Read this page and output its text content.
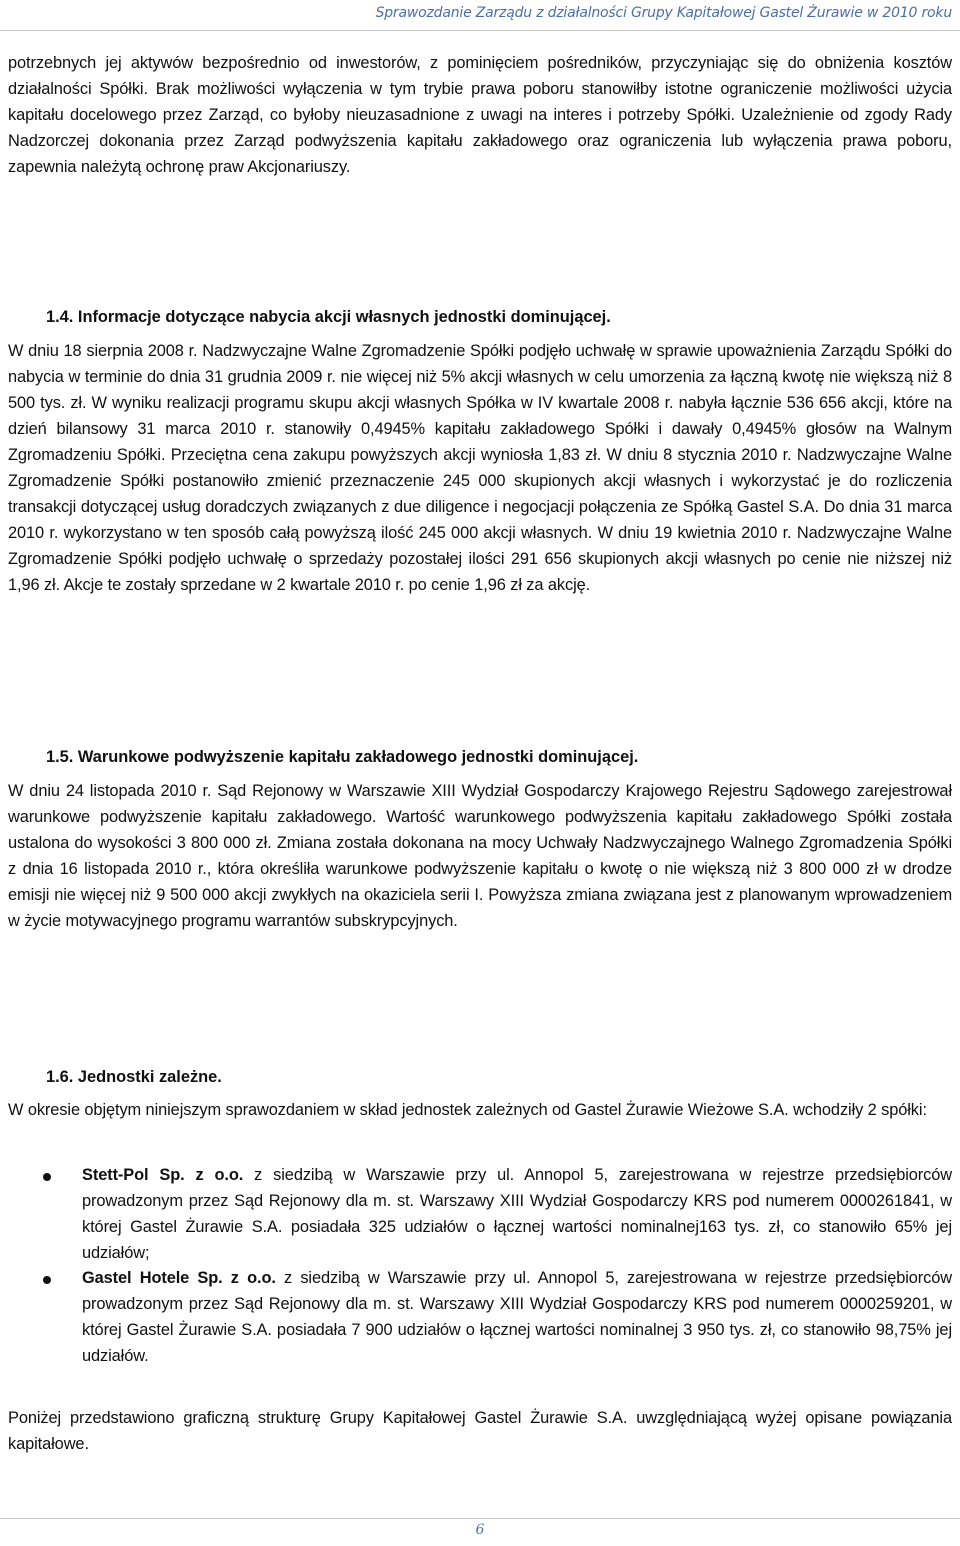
Sprawozdanie Zarządu z działalności Grupy Kapitałowej Gastel Żurawie w 2010 roku

potrzebnych jej aktywów bezpośrednio od inwestorów, z pominięciem pośredników, przyczyniając się do obniżenia kosztów działalności Spółki. Brak możliwości wyłączenia w tym trybie prawa poboru stanowiłby istotne ograniczenie możliwości użycia kapitału docelowego przez Zarząd, co byłoby nieuzasadnione z uwagi na interes i potrzeby Spółki. Uzależnienie od zgody Rady Nadzorczej dokonania przez Zarząd podwyższenia kapitału zakładowego oraz ograniczenia lub wyłączenia prawa poboru, zapewnia należytą ochronę praw Akcjonariuszy.

1.4. Informacje dotyczące nabycia akcji własnych jednostki dominującej.

W dniu 18 sierpnia 2008 r. Nadzwyczajne Walne Zgromadzenie Spółki podjęło uchwałę w sprawie upoważnienia Zarządu Spółki do nabycia w terminie do dnia 31 grudnia 2009 r. nie więcej niż 5% akcji własnych w celu umorzenia za łączną kwotę nie większą niż 8 500 tys. zł. W wyniku realizacji programu skupu akcji własnych Spółka w IV kwartale 2008 r. nabyła łącznie 536 656 akcji, które na dzień bilansowy 31 marca 2010 r. stanowiły 0,4945% kapitału zakładowego Spółki i dawały 0,4945% głosów na Walnym Zgromadzeniu Spółki. Przeciętna cena zakupu powyższych akcji wyniosła 1,83 zł. W dniu 8 stycznia 2010 r. Nadzwyczajne Walne Zgromadzenie Spółki postanowiło zmienić przeznaczenie 245 000 skupionych akcji własnych i wykorzystać je do rozliczenia transakcji dotyczącej usług doradczych związanych z due diligence i negocjacji połączenia ze Spółką Gastel S.A. Do dnia 31 marca 2010 r. wykorzystano w ten sposób całą powyższą ilość 245 000 akcji własnych. W dniu 19 kwietnia 2010 r. Nadzwyczajne Walne Zgromadzenie Spółki podjęło uchwałę o sprzedaży pozostałej ilości 291 656 skupionych akcji własnych po cenie nie niższej niż 1,96 zł. Akcje te zostały sprzedane w 2 kwartale 2010 r. po cenie 1,96 zł za akcję.

1.5. Warunkowe podwyższenie kapitału zakładowego jednostki dominującej.

W dniu 24 listopada 2010 r. Sąd Rejonowy w Warszawie XIII Wydział Gospodarczy Krajowego Rejestru Sądowego zarejestrował warunkowe podwyższenie kapitału zakładowego. Wartość warunkowego podwyższenia kapitału zakładowego Spółki została ustalona do wysokości 3 800 000 zł. Zmiana została dokonana na mocy Uchwały Nadzwyczajnego Walnego Zgromadzenia Spółki z dnia 16 listopada 2010 r., która określiła warunkowe podwyższenie kapitału o kwotę o nie większą niż 3 800 000 zł w drodze emisji nie więcej niż 9 500 000 akcji zwykłych na okaziciela serii I. Powyższa zmiana związana jest z planowanym wprowadzeniem w życie motywacyjnego programu warrantów subskrypcyjnych.

1.6. Jednostki zależne.

W okresie objętym niniejszym sprawozdaniem w skład jednostek zależnych od Gastel Żurawie Wieżowe S.A. wchodziły 2 spółki:

Stett-Pol Sp. z o.o. z siedzibą w Warszawie przy ul. Annopol 5, zarejestrowana w rejestrze przedsiębiorców prowadzonym przez Sąd Rejonowy dla m. st. Warszawy XIII Wydział Gospodarczy KRS pod numerem 0000261841, w której Gastel Żurawie S.A. posiadała 325 udziałów o łącznej wartości nominalnej163 tys. zł, co stanowiło 65% jej udziałów;

Gastel Hotele Sp. z o.o. z siedzibą w Warszawie przy ul. Annopol 5, zarejestrowana w rejestrze przedsiębiorców prowadzonym przez Sąd Rejonowy dla m. st. Warszawy XIII Wydział Gospodarczy KRS pod numerem 0000259201, w której Gastel Żurawie S.A. posiadała 7 900 udziałów o łącznej wartości nominalnej 3 950 tys. zł, co stanowiło 98,75% jej udziałów.

Poniżej przedstawiono graficzną strukturę Grupy Kapitałowej Gastel Żurawie S.A. uwzględniającą wyżej opisane powiązania kapitałowe.

6
